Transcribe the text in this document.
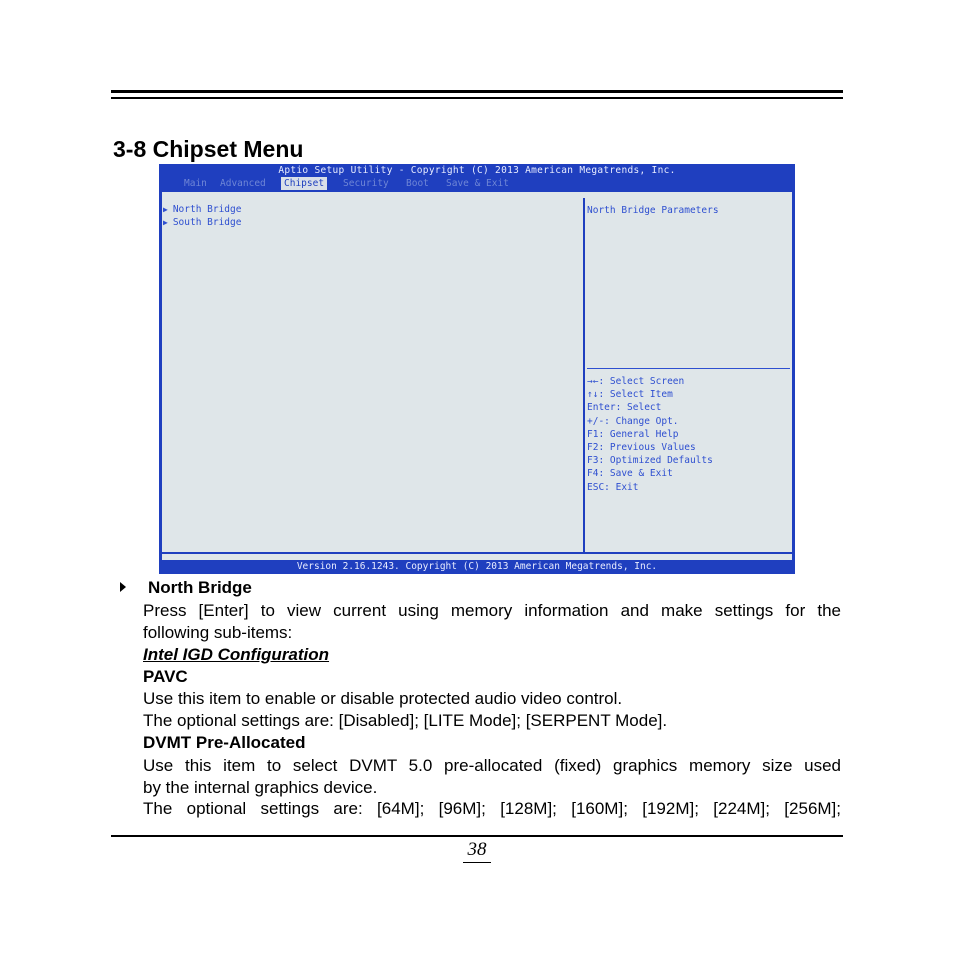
3-8 Chipset Menu
Aptio Setup Utility - Copyright (C) 2013 American Megatrends, Inc.
Main	Advanced	Chipset	Security	Boot	Save & Exit
▶ North Bridge
▶ South Bridge
North Bridge Parameters
→←: Select Screen
↑↓: Select Item
Enter: Select
+/-: Change Opt.
F1: General Help
F2: Previous Values
F3: Optimized Defaults
F4: Save & Exit
ESC: Exit
Version 2.16.1243. Copyright (C) 2013 American Megatrends, Inc.
North Bridge
Press [Enter] to view current using memory information and make settings for the
following sub-items:
Intel IGD Configuration
PAVC
Use this item to enable or disable protected audio video control.
The optional settings are: [Disabled]; [LITE Mode]; [SERPENT Mode].
DVMT Pre-Allocated
Use this item to select DVMT 5.0 pre-allocated (fixed) graphics memory size used
by the internal graphics device.
The optional settings are: [64M]; [96M]; [128M]; [160M]; [192M]; [224M]; [256M];
38
